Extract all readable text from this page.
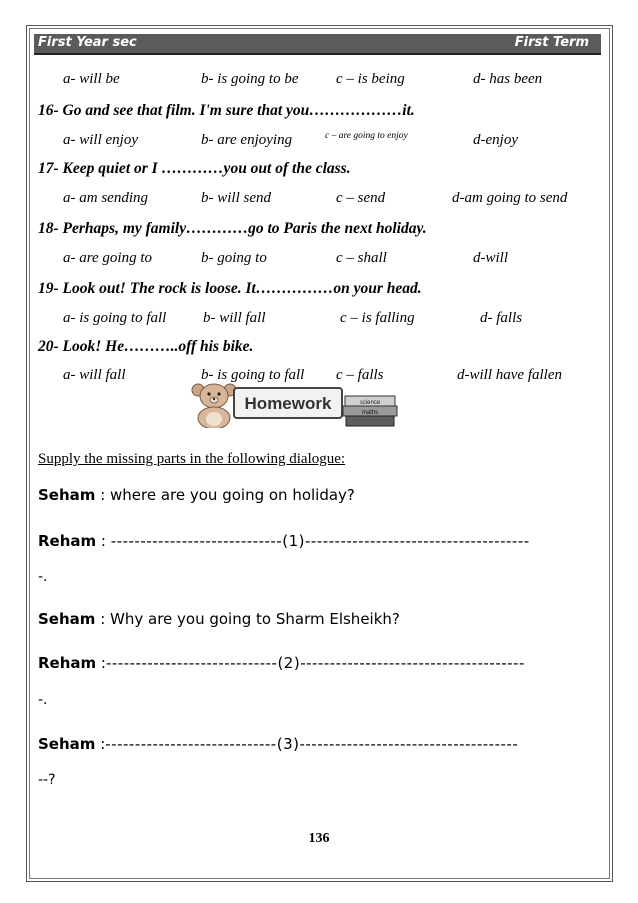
First Year sec	First Term
a- will be	b- is going to be	c – is being	d- has been
16- Go and see that film. I'm sure that you………………it.
a- will enjoy	b- are enjoying	c – are going to enjoy	d-enjoy
17- Keep quiet or I …………you out of the class.
a- am sending	b- will send	c – send	d-am going to send
18- Perhaps, my family…………go to Paris the next holiday.
a- are going to	b- going to	c – shall	d-will
19- Look out! The rock is loose. It……………on your head.
a- is going to fall b- will fall	c – is falling	d- falls
20- Look! He………..off his bike.
a- will fall	b- is going to fall c – falls	d-will have fallen
Homework	science
maths
Supply the missing parts in the following dialogue:
Seham : where are you going on holiday?
Reham : -----------------------------(1)--------------------------------------
-.
Seham : Why are you going to Sharm Elsheikh?
Reham :-----------------------------(2)--------------------------------------
-.
Seham :-----------------------------(3)-------------------------------------
--?
136
